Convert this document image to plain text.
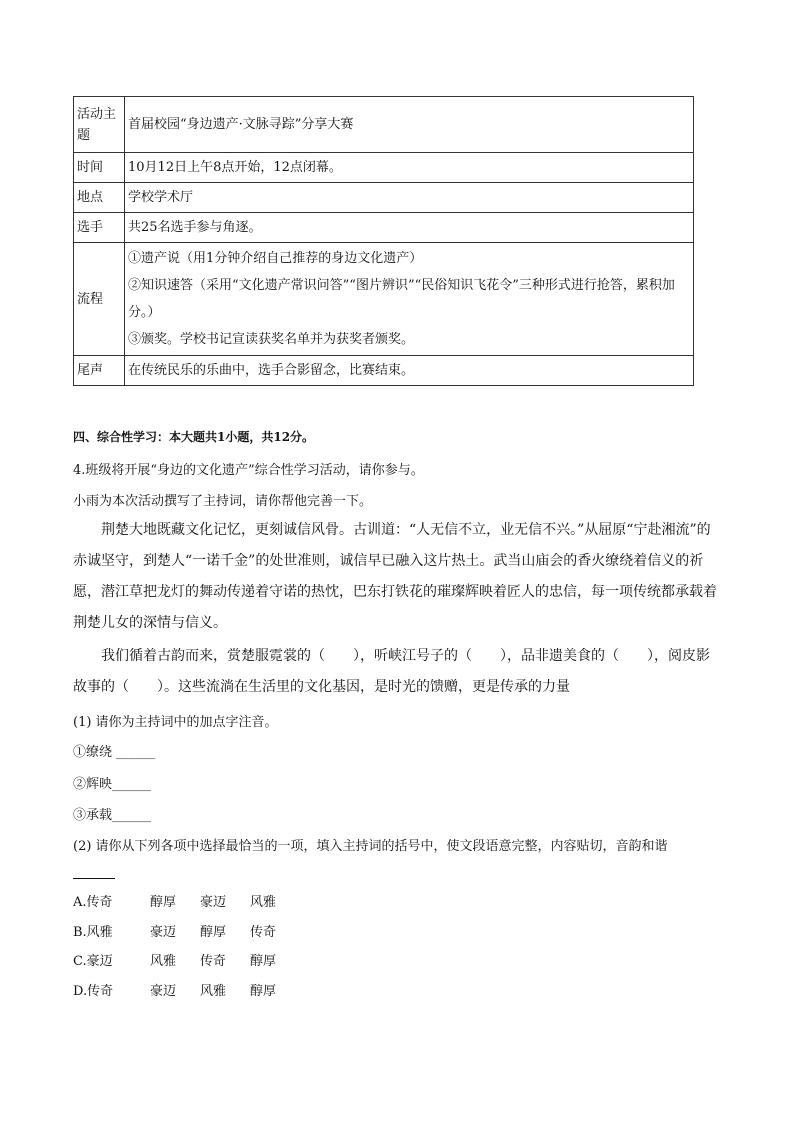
活动主题	首届校园“身边遗产·文脉寻踪”分享大赛
时间	10月12日上午8点开始，12点闭幕。
地点	学校学术厅
选手	共25名选手参与角逐。
流程	①遗产说（用1分钟介绍自己推荐的身边文化遗产）
②知识速答（采用“文化遗产常识问答”“图片辨识”“民俗知识飞花令”三种形式进行抢答，累积加分。）
③颁奖。学校书记宣读获奖名单并为获奖者颁奖。

尾声	在传统民乐的乐曲中，选手合影留念，比赛结束。
四、综合性学习：本大题共1小题，共12分。
4.班级将开展“身边的文化遗产”综合性学习活动，请你参与。
小雨为本次活动撰写了主持词，请你帮他完善一下。
荆楚大地既藏文化记忆，更刻诚信风骨。古训道：“人无信不立，业无信不兴。”从屈原“宁赴湘流”的赤诚坚守，到楚人“一诺千金”的处世准则，诚信早已融入这片热土。武当山庙会的香火缭绕着信义的祈愿，潜江草把龙灯的舞动传递着守诺的热忱，巴东打铁花的璀璨辉映着匠人的忠信，每一项传统都承载着荆楚儿女的深情与信义。
我们循着古韵而来，赏楚服霓裳的（　　），听峡江号子的（　　），品非遗美食的（　　），阅皮影故事的（　　）。这些流淌在生活里的文化基因，是时光的馈赠，更是传承的力量
(1) 请你为主持词中的加点字注音。
①缭绕 ______
②辉映______
③承载______
(2) 请你从下列各项中选择最恰当的一项，填入主持词的括号中，使文段语意完整，内容贴切，音韵和谐
A.传奇	醇厚 豪迈 风雅
B.风雅	豪迈 醇厚 传奇
C.豪迈	风雅 传奇 醇厚
D.传奇	豪迈 风雅 醇厚
